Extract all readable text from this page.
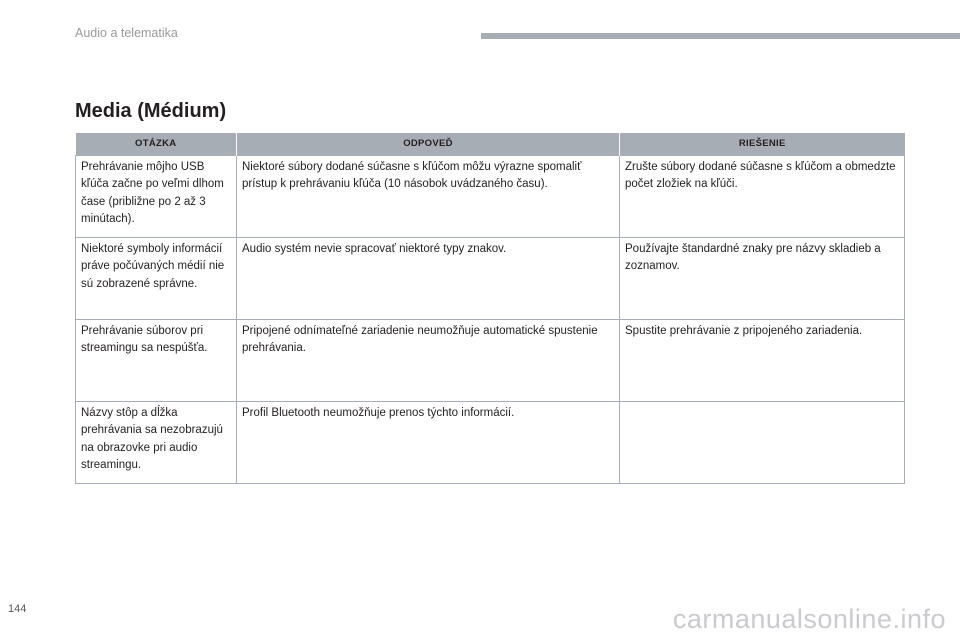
Audio a telematika
Media (Médium)
OTÁZKA	ODPOVEĎ	RIEŠENIE
Prehrávanie môjho USB kľúča začne po veľmi dlhom čase (približne po 2 až 3 minútach).	Niektoré súbory dodané súčasne s kľúčom môžu výrazne spomaliť prístup k prehrávaniu kľúča (10 násobok uvádzaného času).	Zrušte súbory dodané súčasne s kľúčom a obmedzte počet zložiek na kľúči.
Niektoré symboly informácií práve počúvaných médií nie sú zobrazené správne.	Audio systém nevie spracovať niektoré typy znakov.	Používajte štandardné znaky pre názvy skladieb a zoznamov.
Prehrávanie súborov pri streamingu sa nespúšťa.	Pripojené odnímateľné zariadenie neumožňuje automatické spustenie prehrávania.	Spustite prehrávanie z pripojeného zariadenia.
Názvy stôp a dĺžka prehrávania sa nezobrazujú na obrazovke pri audio streamingu.	Profil Bluetooth neumožňuje prenos týchto informácií.	
144	carmanualsonline.info
